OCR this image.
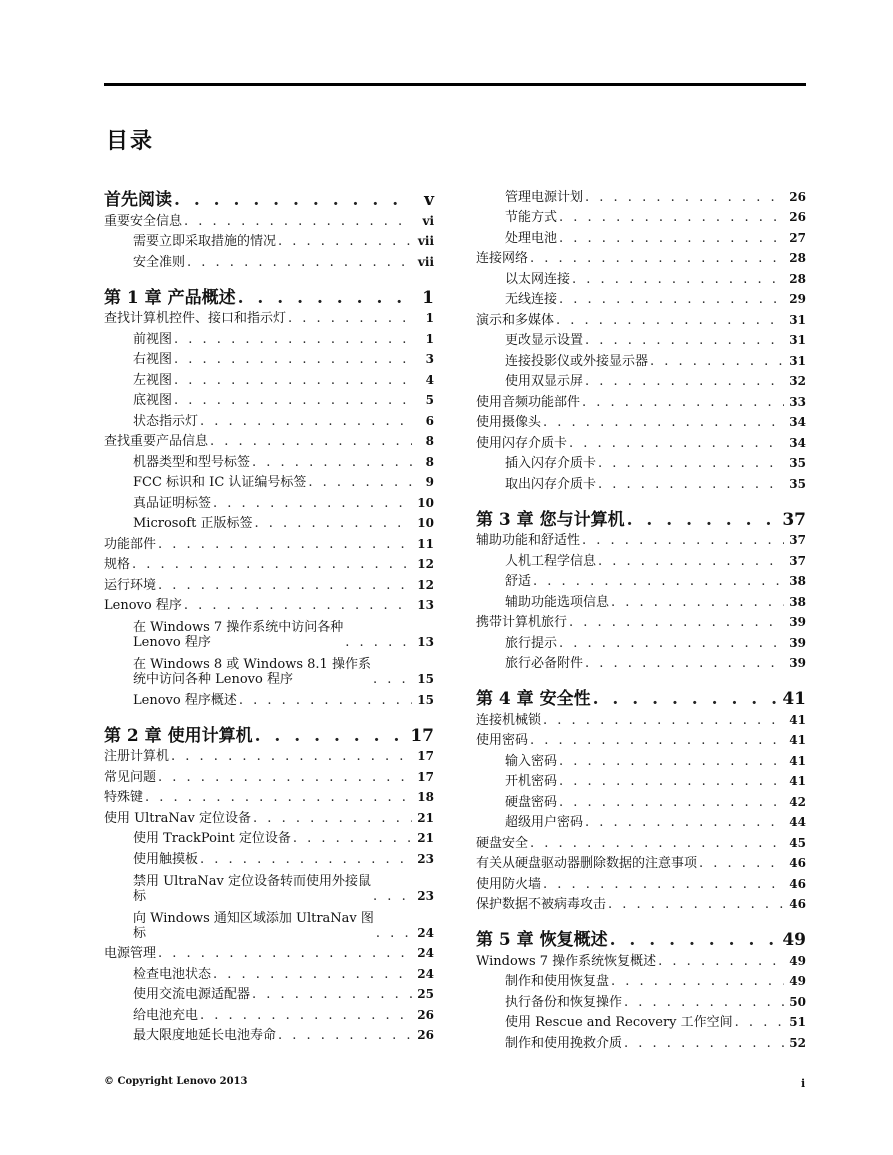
目录
首先阅读 . . .	v
重要安全信息 . . .	vi
需要立即采取措施的情况 . . .	vii
安全准则 . . .	vii
第 1 章 产品概述 . . .	1
查找计算机控件、接口和指示灯 . . .	1
前视图 . . .	1
右视图 . . .	3
左视图 . . .	4
底视图 . . .	5
状态指示灯 . . .	6
查找重要产品信息 . . .	8
机器类型和型号标签 . . .	8
FCC 标识和 IC 认证编号标签 . . .	9
真品证明标签 . . .	10
Microsoft 正版标签 . . .	10
功能部件 . . .	11
规格 . . .	12
运行环境 . . .	12
Lenovo 程序 . . .	13
在 Windows 7 操作系统中访问各种
Lenovo 程序 . . .	13
在 Windows 8 或 Windows 8.1 操作系
统中访问各种 Lenovo 程序 . . .	15
Lenovo 程序概述 . . .	15
第 2 章 使用计算机 . . .	17
注册计算机 . . .	17
常见问题 . . .	17
特殊键 . . .	18
使用 UltraNav 定位设备 . . .	21
使用 TrackPoint 定位设备 . . .	21
使用触摸板 . . .	23
禁用 UltraNav 定位设备转而使用外接鼠
标 . . .	23
向 Windows 通知区域添加 UltraNav 图
标 . . .	24
电源管理 . . .	24
检查电池状态 . . .	24
使用交流电源适配器 . . .	25
给电池充电 . . .	26
最大限度地延长电池寿命 . . .	26
管理电源计划 . . .	26
节能方式 . . .	26
处理电池 . . .	27
连接网络 . . .	28
以太网连接 . . .	28
无线连接 . . .	29
演示和多媒体 . . .	31
更改显示设置 . . .	31
连接投影仪或外接显示器 . . .	31
使用双显示屏 . . .	32
使用音频功能部件 . . .	33
使用摄像头 . . .	34
使用闪存介质卡 . . .	34
插入闪存介质卡 . . .	35
取出闪存介质卡 . . .	35
第 3 章 您与计算机 . . .	37
辅助功能和舒适性 . . .	37
人机工程学信息 . . .	37
舒适 . . .	38
辅助功能选项信息 . . .	38
携带计算机旅行 . . .	39
旅行提示 . . .	39
旅行必备附件 . . .	39
第 4 章 安全性 . . .	41
连接机械锁 . . .	41
使用密码 . . .	41
输入密码 . . .	41
开机密码 . . .	41
硬盘密码 . . .	42
超级用户密码 . . .	44
硬盘安全 . . .	45
有关从硬盘驱动器删除数据的注意事项 . . .	46
使用防火墙 . . .	46
保护数据不被病毒攻击 . . .	46
第 5 章 恢复概述 . . .	49
Windows 7 操作系统恢复概述 . . .	49
制作和使用恢复盘 . . .	49
执行备份和恢复操作 . . .	50
使用 Rescue and Recovery 工作空间 . . .	51
制作和使用挽救介质 . . .	52
© Copyright Lenovo 2013	i
